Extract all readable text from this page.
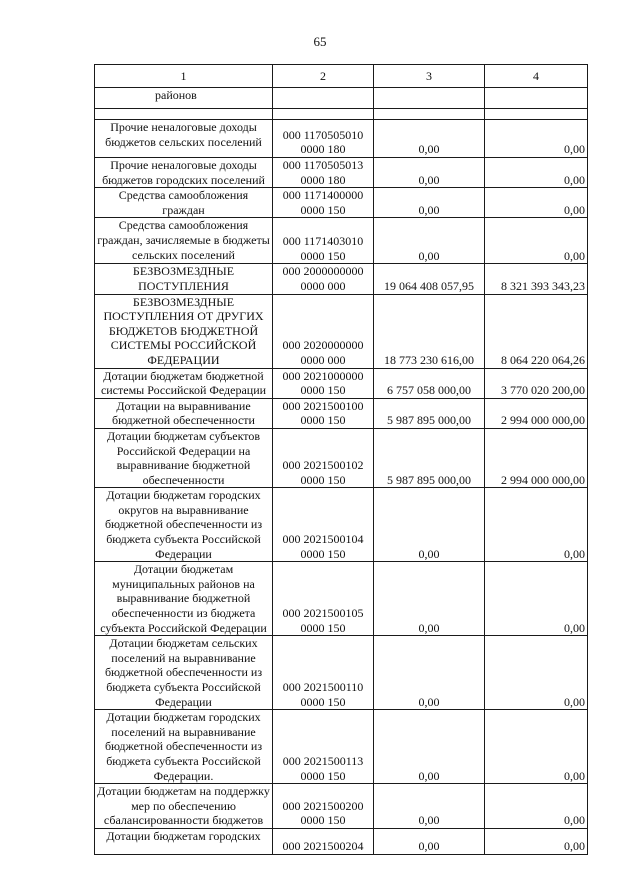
65
1	2	3	4
районов			

Прочие неналоговые доходы бюджетов сельских поселений	000 1170505010 0000 180	0,00	0,00
Прочие неналоговые доходы бюджетов городских поселений	000 1170505013 0000 180	0,00	0,00
Средства самообложения граждан	000 1171400000 0000 150	0,00	0,00
Средства самообложения граждан, зачисляемые в бюджеты сельских поселений	000 1171403010 0000 150	0,00	0,00
БЕЗВОЗМЕЗДНЫЕ ПОСТУПЛЕНИЯ	000 2000000000 0000 000	19 064 408 057,95	8 321 393 343,23
БЕЗВОЗМЕЗДНЫЕ ПОСТУПЛЕНИЯ ОТ ДРУГИХ БЮДЖЕТОВ БЮДЖЕТНОЙ СИСТЕМЫ РОССИЙСКОЙ ФЕДЕРАЦИИ	000 2020000000 0000 000	18 773 230 616,00	8 064 220 064,26
Дотации бюджетам бюджетной системы Российской Федерации	000 2021000000 0000 150	6 757 058 000,00	3 770 020 200,00
Дотации на выравнивание бюджетной обеспеченности	000 2021500100 0000 150	5 987 895 000,00	2 994 000 000,00
Дотации бюджетам субъектов Российской Федерации на выравнивание бюджетной обеспеченности	000 2021500102 0000 150	5 987 895 000,00	2 994 000 000,00
Дотации бюджетам городских округов на выравнивание бюджетной обеспеченности из бюджета субъекта Российской Федерации	000 2021500104 0000 150	0,00	0,00
Дотации бюджетам муниципальных районов на выравнивание бюджетной обеспеченности из бюджета субъекта Российской Федерации	000 2021500105 0000 150	0,00	0,00
Дотации бюджетам сельских поселений на выравнивание бюджетной обеспеченности из бюджета субъекта Российской Федерации	000 2021500110 0000 150	0,00	0,00
Дотации бюджетам городских поселений на выравнивание бюджетной обеспеченности из бюджета субъекта Российской Федерации.	000 2021500113 0000 150	0,00	0,00
Дотации бюджетам на поддержку мер по обеспечению сбалансированности бюджетов	000 2021500200 0000 150	0,00	0,00
Дотации бюджетам городских	000 2021500204	0,00	0,00
